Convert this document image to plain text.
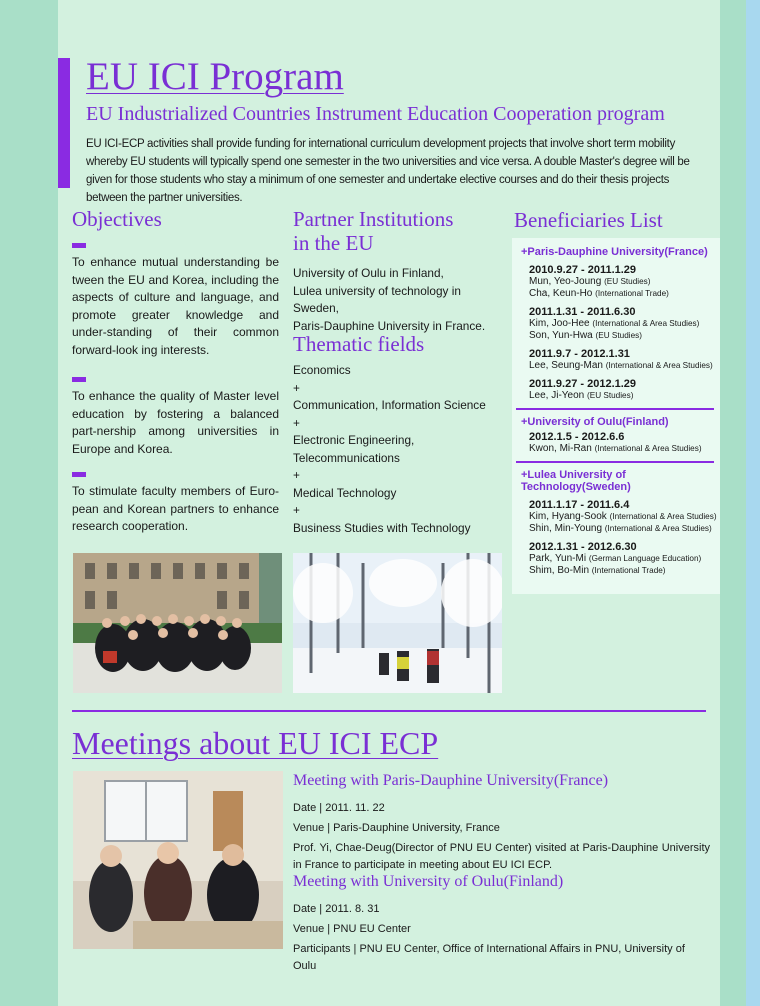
EU ICI Program
EU Industrialized Countries Instrument Education Cooperation program
EU ICI-ECP activities shall provide funding for international curriculum development projects that involve short term mobility whereby EU students will typically spend one semester in the two universities and vice versa. A double Master's degree will be given for those students who stay a minimum of one semester and undertake elective courses and do their thesis projects between the partner universities.
Objectives
To enhance mutual understanding be tween the EU and Korea, including the aspects of culture and language, and promote greater knowledge and under-standing of their common forward-look ing interests.
To enhance the quality of Master level education by fostering a balanced part-nership among universities in Europe and Korea.
To stimulate faculty members of Euro-pean and Korean partners to enhance research cooperation.
Partner Institutions
in the EU
University of Oulu in Finland,
Lulea university of technology in Sweden,
Paris-Dauphine University in France.
Thematic fields
Economics
+
Communication, Information Science
+
Electronic Engineering, Telecommunications
+
Medical Technology
+
Business Studies with Technology
Beneficiaries List
+Paris-Dauphine University(France)
2010.9.27 - 2011.1.29
Mun, Yeo-Joung (EU Studies)
Cha, Keun-Ho (International Trade)
2011.1.31 - 2011.6.30
Kim, Joo-Hee (International & Area Studies)
Son, Yun-Hwa (EU Studies)
2011.9.7 - 2012.1.31
Lee, Seung-Man (International & Area Studies)
2011.9.27 - 2012.1.29
Lee, Ji-Yeon (EU Studies)
+University of Oulu(Finland)
2012.1.5 - 2012.6.6
Kwon, Mi-Ran (International & Area Studies)
+Lulea University of Technology(Sweden)
2011.1.17 - 2011.6.4
Kim, Hyang-Sook (International & Area Studies)
Shin, Min-Young (International & Area Studies)
2012.1.31 - 2012.6.30
Park, Yun-Mi (German Language Education)
Shim, Bo-Min (International Trade)
Meetings about EU ICI ECP
Meeting with Paris-Dauphine University(France)
Date | 2011. 11. 22
Venue | Paris-Dauphine University, France
Prof. Yi, Chae-Deug(Director of PNU EU Center) visited at Paris-Dauphine University in France to participate in meeting about EU ICI ECP.
Meeting with University of Oulu(Finland)
Date | 2011. 8. 31
Venue | PNU EU Center
Participants | PNU EU Center, Office of International Affairs in PNU, University of Oulu
